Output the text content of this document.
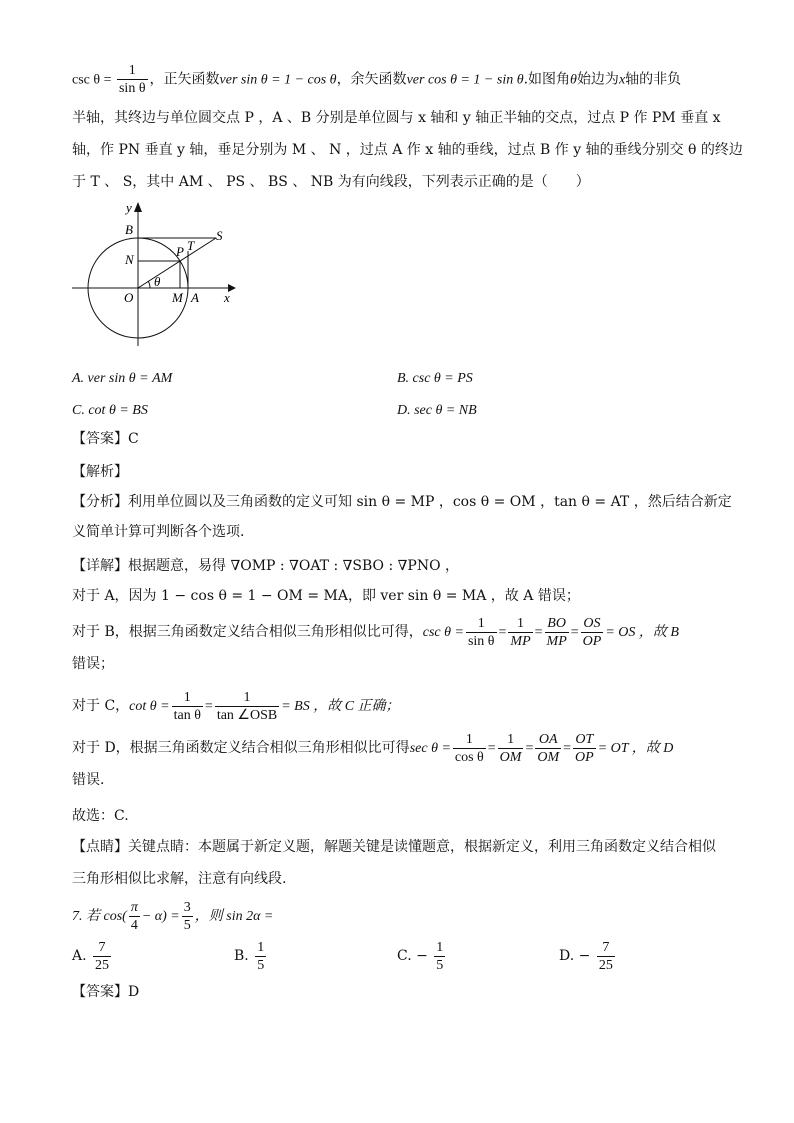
$\csc \theta = \frac{1}{\text{sin θ}}$ ，正矢函数ver sin θ = 1 − cos θ，余矢函数ver cos θ = 1 − sin θ.如图角θ始边为x轴的非负
半轴，其终边与单位圆交点 P ，A 、B 分别是单位圆与 x 轴和 y 轴正半轴的交点，过点 P 作 PM 垂直 x
轴，作 PN 垂直 y 轴，垂足分别为 M 、 N ，过点 A 作 x 轴的垂线，过点 B 作 y 轴的垂线分别交 θ 的终边
于 T 、 S，其中 AM 、 PS 、 BS 、 NB 为有向线段，下列表示正确的是（　　）
y
x
B	S
T
P
N
O	M A
θ
A. ver sin θ = AM	B. csc θ = PS
C. cot θ = BS	D. sec θ = NB
【答案】C
【解析】
【分析】利用单位圆以及三角函数的定义可知 sin θ = MP ，cos θ = OM ，tan θ = AT ，然后结合新定
义简单计算可判断各个选项.
【详解】根据题意，易得 ∇OMP : ∇OAT : ∇SBO : ∇PNO ，
对于 A，因为 1 − cos θ = 1 − OM = MA，即 ver sin θ = MA ，故 A 错误；
对于 B，根据三角函数定义结合相似三角形相似比可得，$\csc \theta = \frac{1}{\text{sin θ}} = \frac{1}{MP} = \frac{BO}{MP} = \frac{OS}{OP}$ = OS ，故 B
错误；
对于 C，$\cot \theta = \frac{1}{\text{tan θ}} = \frac{1}{\text{tan ∠OSB}}$ = BS ，故 C 正确；
对于 D，根据三角函数定义结合相似三角形相似比可得$\sec \theta = \frac{1}{\text{cos θ}} = \frac{1}{OM} = \frac{OA}{OM} = \frac{OT}{OP}$ = OT ，故 D
错误.
故选：C.
【点睛】关键点睛：本题属于新定义题，解题关键是读懂题意，根据新定义，利用三角函数定义结合相似
三角形相似比求解，注意有向线段.
7. 若 $\cos( \frac{\pi}{4} - \alpha) = \frac{3}{5}$ ，则 sin 2α =
A. $\frac{7}{25}$	B. $\frac{1}{5}$	C. − $\frac{1}{5}$	D. − $\frac{7}{25}$
【答案】D
